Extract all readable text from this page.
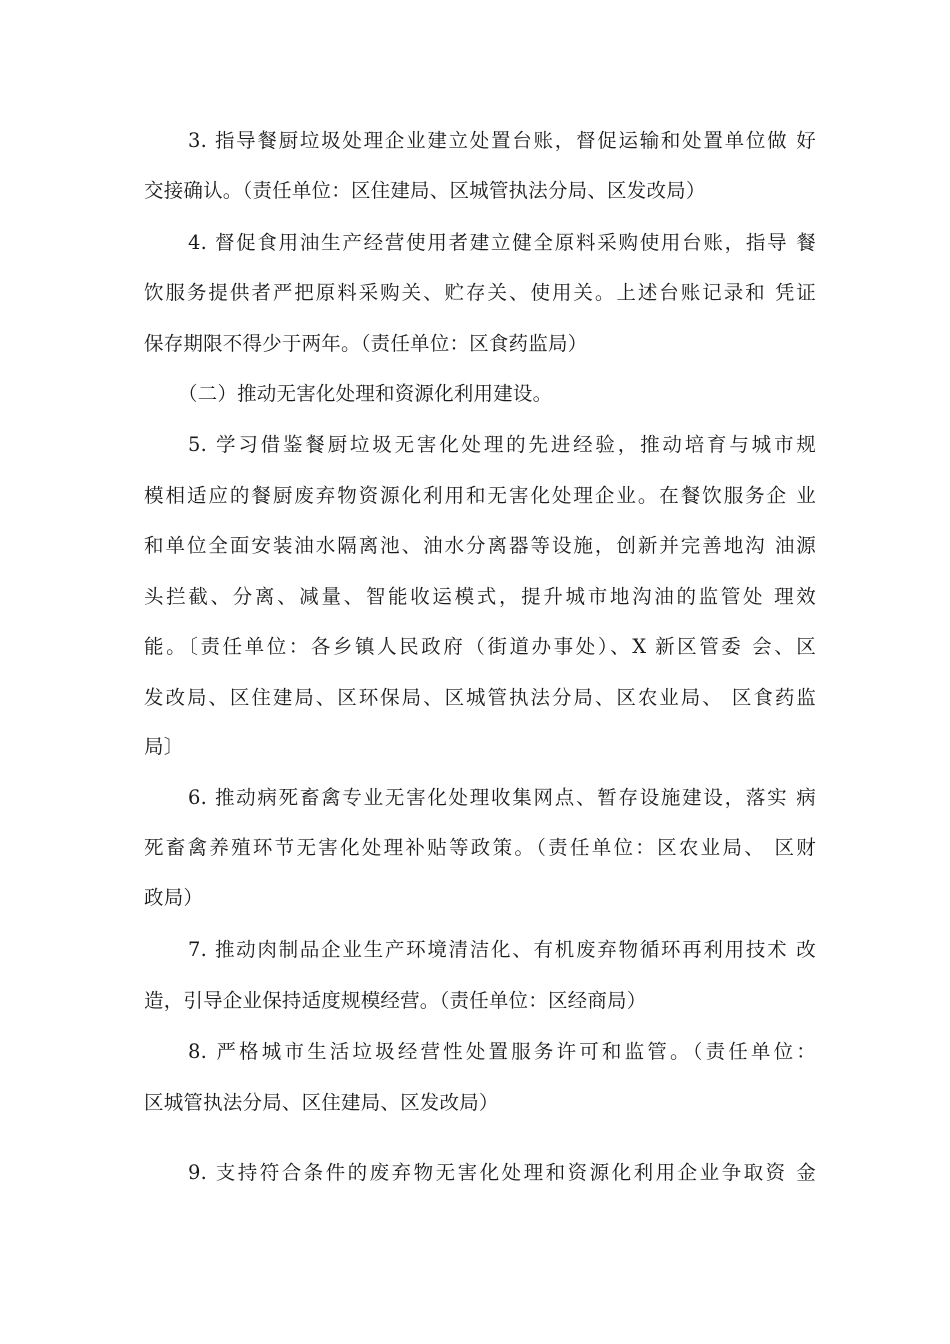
3. 指导餐厨垃圾处理企业建立处置台账，督促运输和处置单位做 好
交接确认。（责任单位：区住建局、区城管执法分局、区发改局）
4. 督促食用油生产经营使用者建立健全原料采购使用台账，指导 餐
饮服务提供者严把原料采购关、贮存关、使用关。上述台账记录和 凭证
保存期限不得少于两年。（责任单位：区食药监局）
（二）推动无害化处理和资源化利用建设。
5. 学习借鉴餐厨垃圾无害化处理的先进经验，推动培育与城市规
模相适应的餐厨废弃物资源化利用和无害化处理企业。在餐饮服务企 业
和单位全面安装油水隔离池、油水分离器等设施，创新并完善地沟 油源
头拦截、分离、减量、智能收运模式，提升城市地沟油的监管处 理效
能。〔责任单位：各乡镇人民政府（街道办事处）、X 新区管委 会、区
发改局、区住建局、区环保局、区城管执法分局、区农业局、 区食药监
局〕
6. 推动病死畜禽专业无害化处理收集网点、暂存设施建设，落实 病
死畜禽养殖环节无害化处理补贴等政策。（责任单位：区农业局、 区财
政局）
7. 推动肉制品企业生产环境清洁化、有机废弃物循环再利用技术 改
造，引导企业保持适度规模经营。（责任单位：区经商局）
8. 严格城市生活垃圾经营性处置服务许可和监管。（责任单位：
区城管执法分局、区住建局、区发改局）
9. 支持符合条件的废弃物无害化处理和资源化利用企业争取资 金
